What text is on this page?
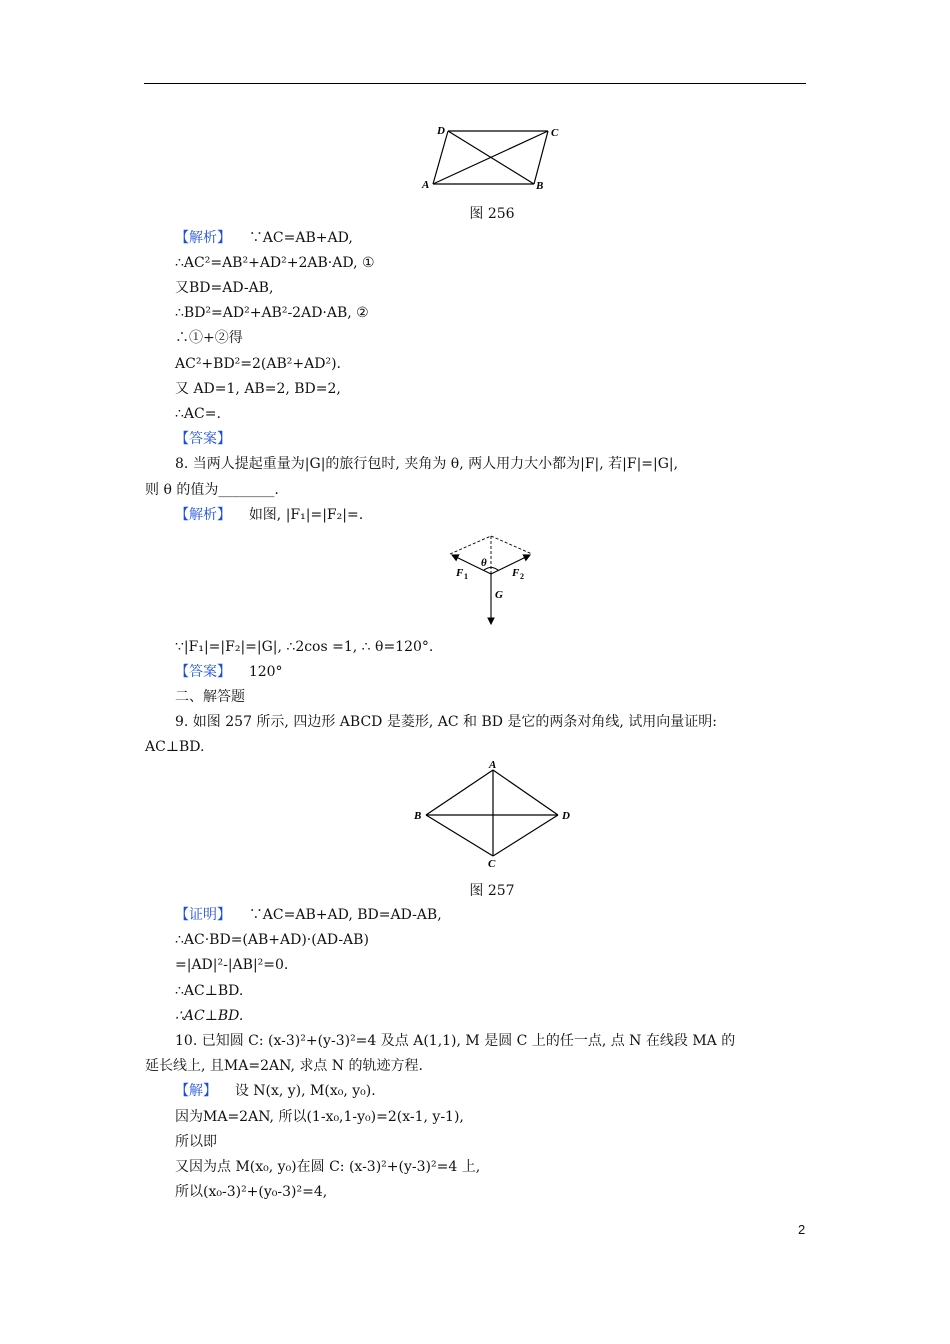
D	C
A	B
图 256
【解析】 ∵AC=AB+AD,
∴AC²=AB²+AD²+2AB·AD, ①
又BD=AD-AB,
∴BD²=AD²+AB²-2AD·AB, ②
∴①+②得
AC²+BD²=2(AB²+AD²).
又 AD=1, AB=2, BD=2,
∴AC=.
【答案】
8. 当两人提起重量为|G|的旅行包时, 夹角为 θ, 两人用力大小都为|F|, 若|F|=|G|,
则 θ 的值为________.
【解析】 如图, |F₁|=|F₂|=.
θ
F 1	F 2
G
∵|F₁|=|F₂|=|G|, ∴2cos =1, ∴ θ=120°.
【答案】 120°
二、解答题
9. 如图 257 所示, 四边形 ABCD 是菱形, AC 和 BD 是它的两条对角线, 试用向量证明:
AC⊥BD.
A
B	D
C
图 257
【证明】 ∵AC=AB+AD, BD=AD-AB,
∴AC·BD=(AB+AD)·(AD-AB)
=|AD|²-|AB|²=0.
∴AC⊥BD.
∴AC⊥BD.
10. 已知圆 C: (x-3)²+(y-3)²=4 及点 A(1,1), M 是圆 C 上的任一点, 点 N 在线段 MA 的
延长线上, 且MA=2AN, 求点 N 的轨迹方程.
【解】 设 N(x, y), M(x₀, y₀).
因为MA=2AN, 所以(1-x₀,1-y₀)=2(x-1, y-1),
所以即
又因为点 M(x₀, y₀)在圆 C: (x-3)²+(y-3)²=4 上,
所以(x₀-3)²+(y₀-3)²=4,
2
